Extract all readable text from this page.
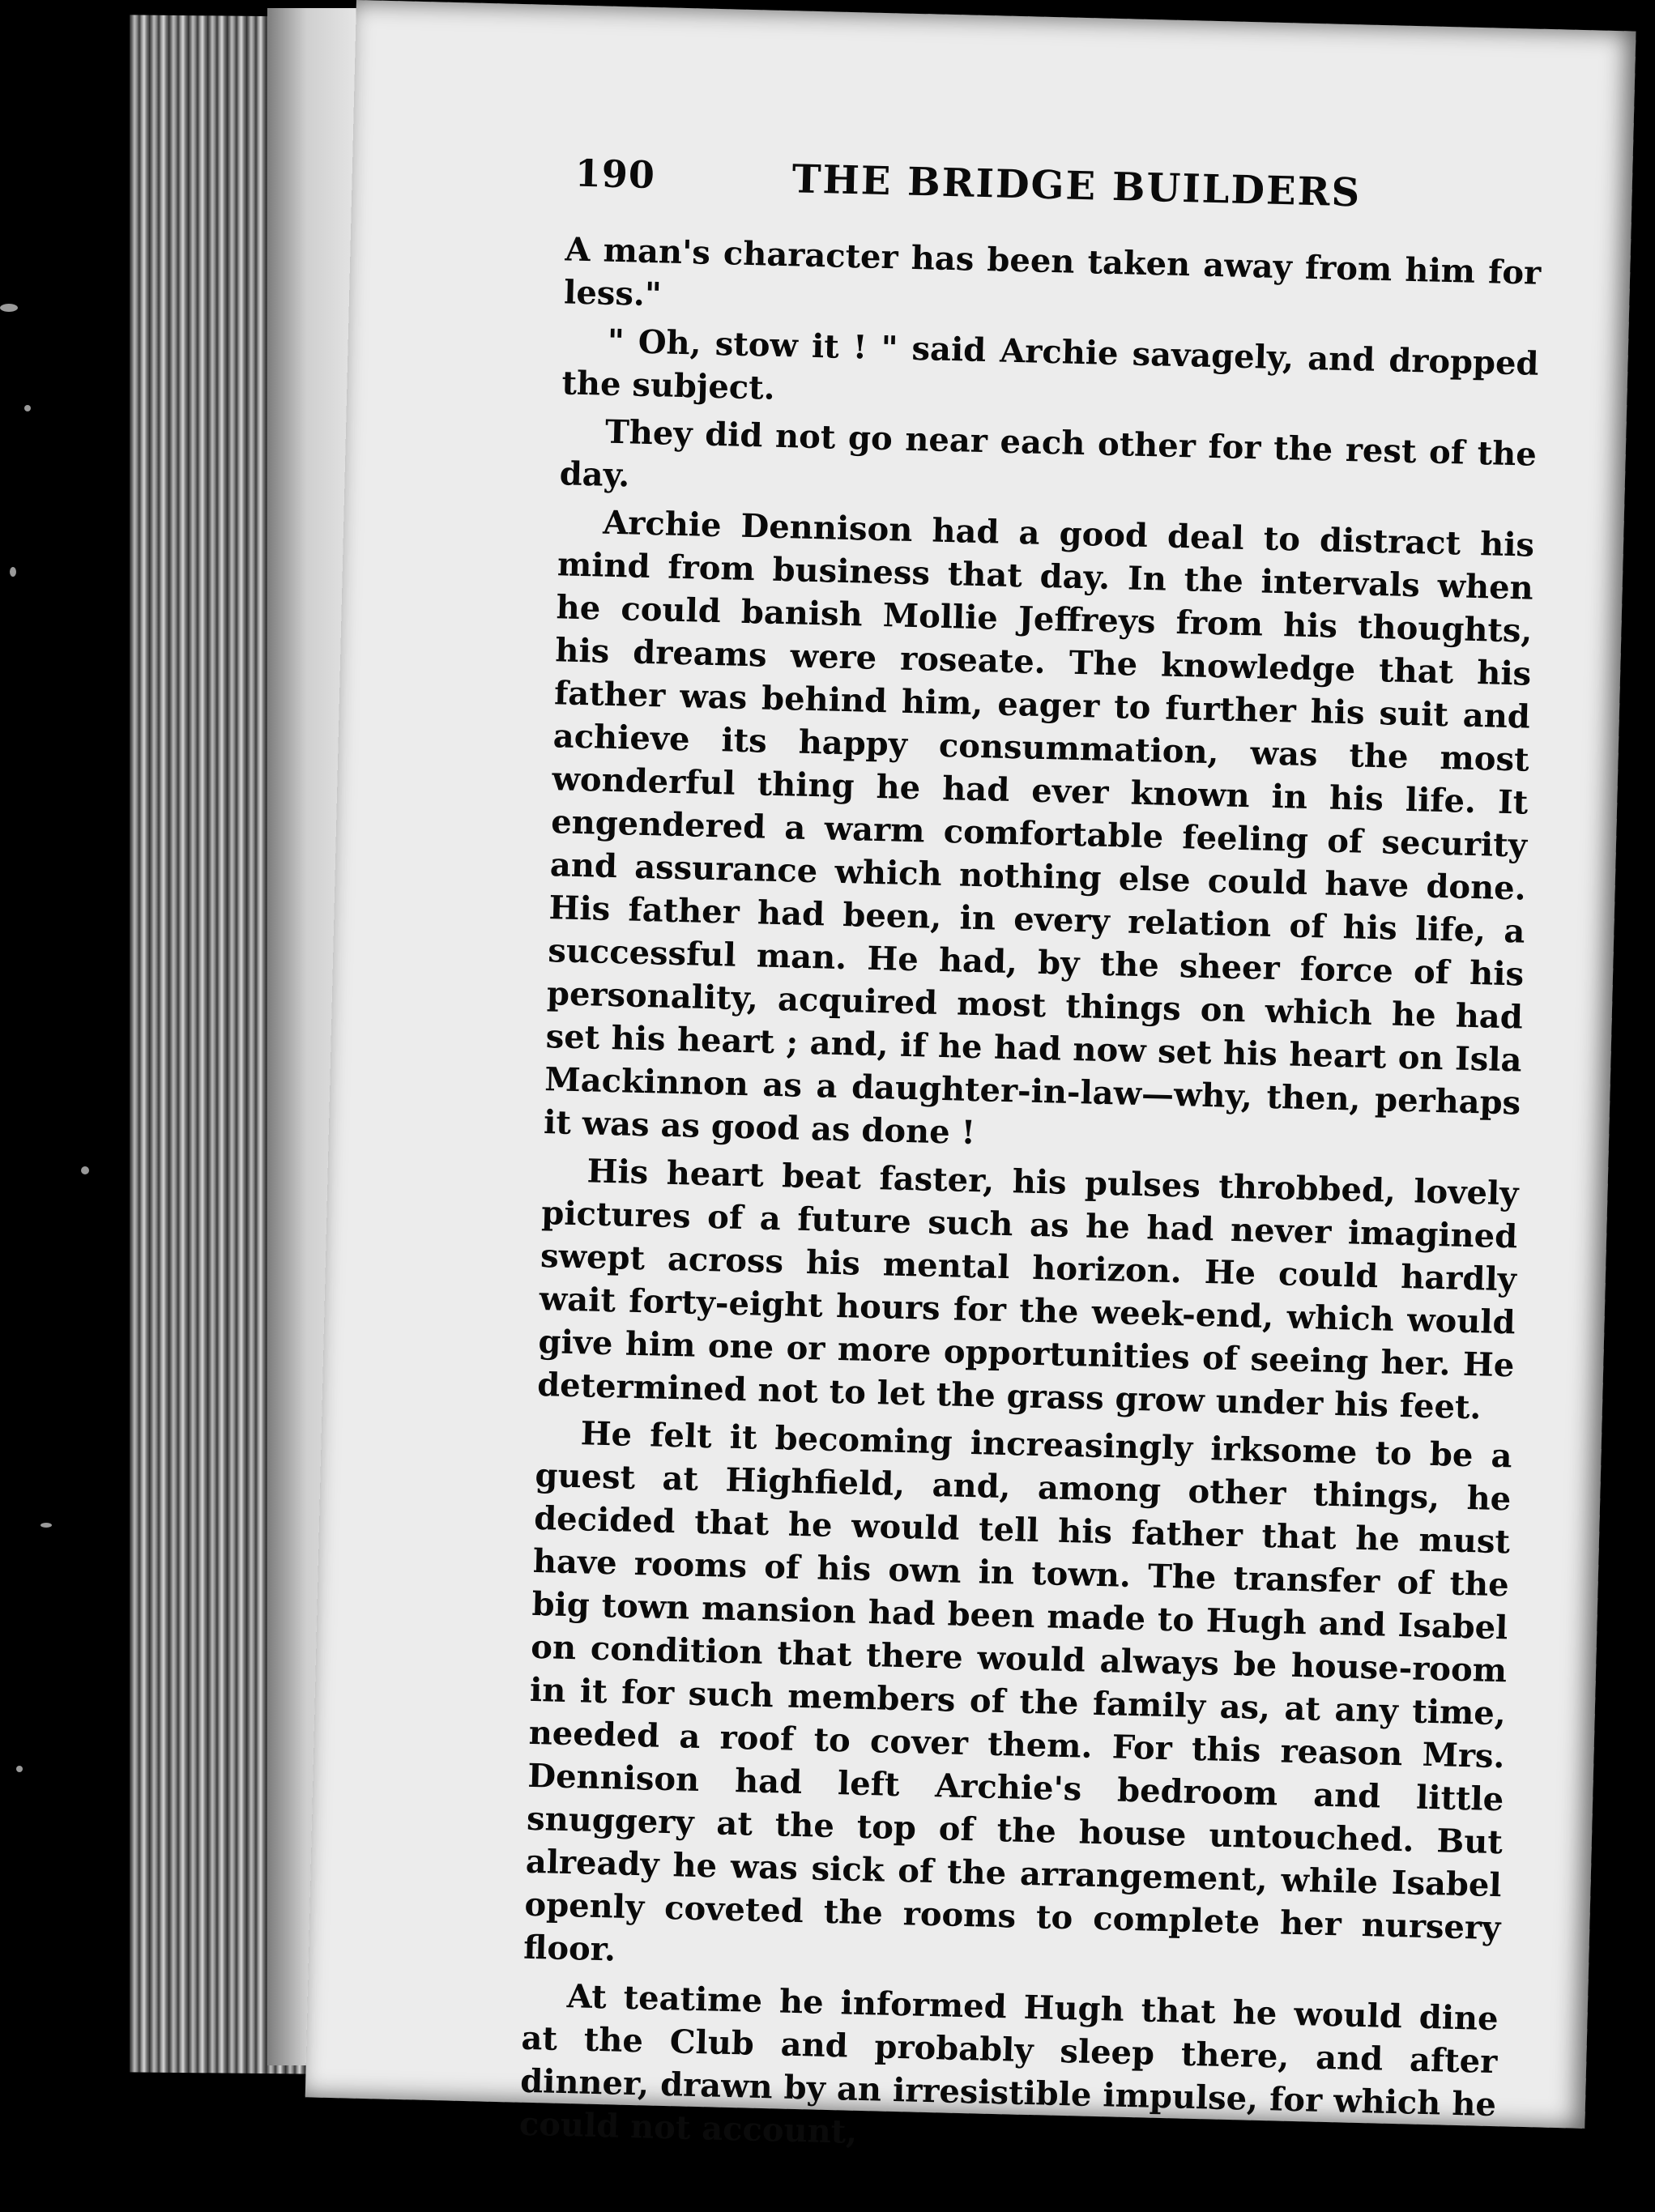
190	THE BRIDGE BUILDERS

A man's character has been taken away from him for less."

" Oh, stow it ! " said Archie savagely, and dropped the subject.

They did not go near each other for the rest of the day.

Archie Dennison had a good deal to distract his mind from business that day. In the intervals when he could banish Mollie Jeffreys from his thoughts, his dreams were roseate. The knowledge that his father was behind him, eager to further his suit and achieve its happy consummation, was the most wonderful thing he had ever known in his life. It engendered a warm comfortable feeling of security and assurance which nothing else could have done. His father had been, in every relation of his life, a successful man. He had, by the sheer force of his personality, acquired most things on which he had set his heart ; and, if he had now set his heart on Isla Mackinnon as a daughter-in-law—why, then, perhaps it was as good as done !

His heart beat faster, his pulses throbbed, lovely pictures of a future such as he had never imagined swept across his mental horizon. He could hardly wait forty-eight hours for the week-end, which would give him one or more opportunities of seeing her. He determined not to let the grass grow under his feet.

He felt it becoming increasingly irksome to be a guest at Highfield, and, among other things, he decided that he would tell his father that he must have rooms of his own in town. The transfer of the big town mansion had been made to Hugh and Isabel on condition that there would always be house-room in it for such members of the family as, at any time, needed a roof to cover them. For this reason Mrs. Dennison had left Archie's bedroom and little snuggery at the top of the house untouched. But already he was sick of the arrangement, while Isabel openly coveted the rooms to complete her nursery floor.

At teatime he informed Hugh that he would dine at the Club and probably sleep there, and after dinner, drawn by an irresistible impulse, for which he could not account,
